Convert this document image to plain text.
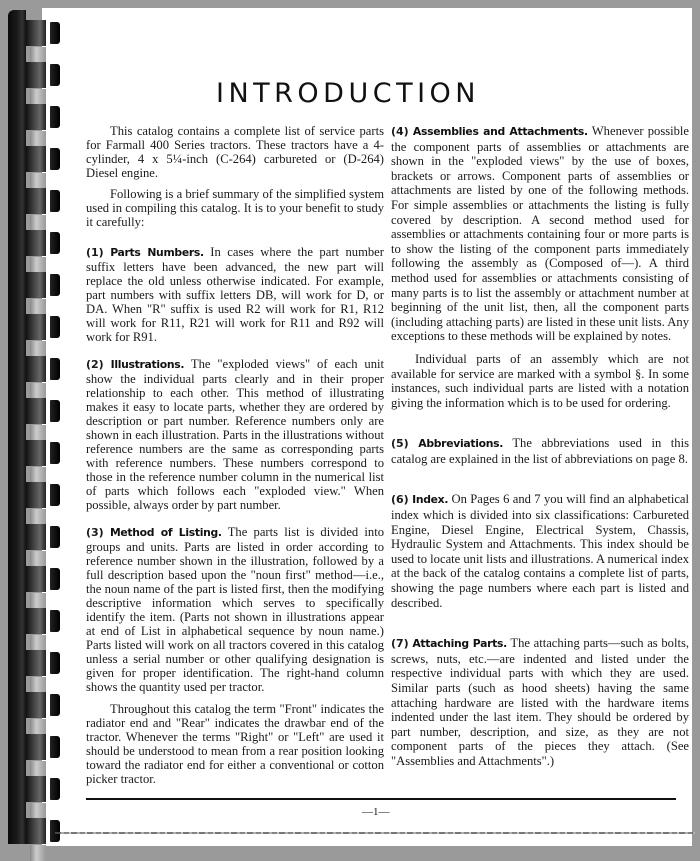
INTRODUCTION

This catalog contains a complete list of service parts for Farmall 400 Series tractors. These tractors have a 4-cylinder, 4 x 5¼-inch (C-264) carbureted or (D-264) Diesel engine.

Following is a brief summary of the simplified system used in compiling this catalog. It is to your benefit to study it carefully:

(1) Parts Numbers. In cases where the part number suffix letters have been advanced, the new part will replace the old unless otherwise indicated. For example, part numbers with suffix letters DB, will work for D, or DA. When "R" suffix is used R2 will work for R1, R12 will work for R11, R21 will work for R11 and R92 will work for R91.

(2) Illustrations. The "exploded views" of each unit show the individual parts clearly and in their proper relationship to each other. This method of illustrating makes it easy to locate parts, whether they are ordered by description or part number. Reference numbers only are shown in each illustration. Parts in the illustrations without reference numbers are the same as corresponding parts with reference numbers. These numbers correspond to those in the reference number column in the numerical list of parts which follows each "exploded view." When possible, always order by part number.

(3) Method of Listing. The parts list is divided into groups and units. Parts are listed in order according to reference number shown in the illustration, followed by a full description based upon the "noun first" method—i.e., the noun name of the part is listed first, then the modifying descriptive information which serves to specifically identify the item. (Parts not shown in illustrations appear at end of List in alphabetical sequence by noun name.) Parts listed will work on all tractors covered in this catalog unless a serial number or other qualifying designation is given for proper identification. The right-hand column shows the quantity used per tractor.

Throughout this catalog the term "Front" indicates the radiator end and "Rear" indicates the drawbar end of the tractor. Whenever the terms "Right" or "Left" are used it should be understood to mean from a rear position looking toward the radiator end for either a conventional or cotton picker tractor.

(4) Assemblies and Attachments. Whenever possible the component parts of assemblies or attachments are shown in the "exploded views" by the use of boxes, brackets or arrows. Component parts of assemblies or attachments are listed by one of the following methods. For simple assemblies or attachments the listing is fully covered by description. A second method used for assemblies or attachments containing four or more parts is to show the listing of the component parts immediately following the assembly as (Composed of—). A third method used for assemblies or attachments consisting of many parts is to list the assembly or attachment number at beginning of the unit list, then, all the component parts (including attaching parts) are listed in these unit lists. Any exceptions to these methods will be explained by notes.

Individual parts of an assembly which are not available for service are marked with a symbol §. In some instances, such individual parts are listed with a notation giving the information which is to be used for ordering.

(5) Abbreviations. The abbreviations used in this catalog are explained in the list of abbreviations on page 8.

(6) Index. On Pages 6 and 7 you will find an alphabetical index which is divided into six classifications: Carbureted Engine, Diesel Engine, Electrical System, Chassis, Hydraulic System and Attachments. This index should be used to locate unit lists and illustrations. A numerical index at the back of the catalog contains a complete list of parts, showing the page numbers where each part is listed and described.

(7) Attaching Parts. The attaching parts—such as bolts, screws, nuts, etc.—are indented and listed under the respective individual parts with which they are used. Similar parts (such as hood sheets) having the same attaching hardware are listed with the hardware items indented under the last item. They should be ordered by part number, description, and size, as they are not component parts of the pieces they attach. (See "Assemblies and Attachments".)

—1—
